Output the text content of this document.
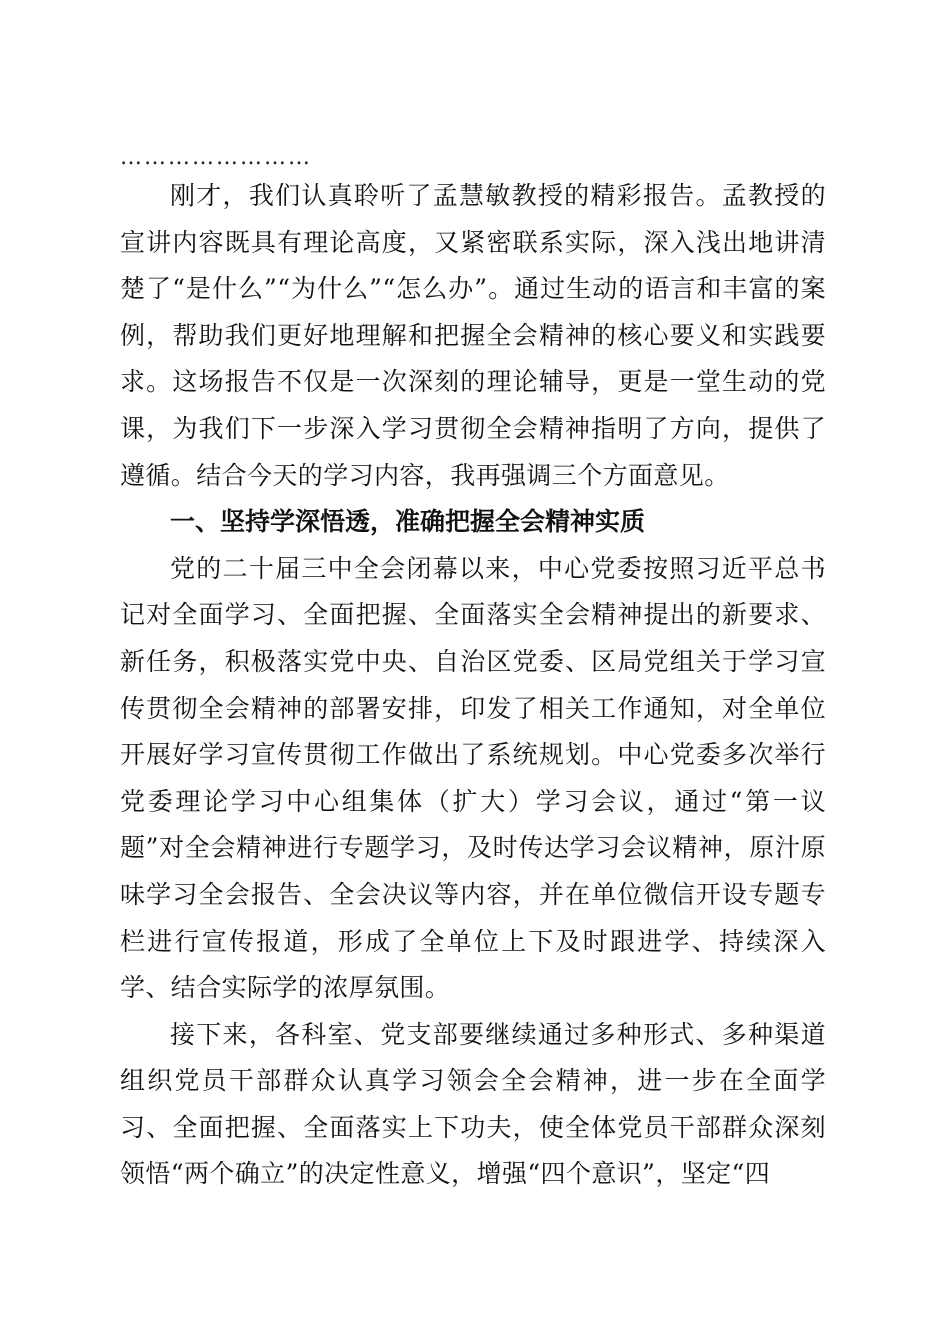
……………………

刚才，我们认真聆听了孟慧敏教授的精彩报告。孟教授的宣讲内容既具有理论高度，又紧密联系实际，深入浅出地讲清楚了“是什么”“为什么”“怎么办”。通过生动的语言和丰富的案例，帮助我们更好地理解和把握全会精神的核心要义和实践要求。这场报告不仅是一次深刻的理论辅导，更是一堂生动的党课，为我们下一步深入学习贯彻全会精神指明了方向，提供了遵循。结合今天的学习内容，我再强调三个方面意见。

一、坚持学深悟透，准确把握全会精神实质

党的二十届三中全会闭幕以来，中心党委按照习近平总书记对全面学习、全面把握、全面落实全会精神提出的新要求、新任务，积极落实党中央、自治区党委、区局党组关于学习宣传贯彻全会精神的部署安排，印发了相关工作通知，对全单位开展好学习宣传贯彻工作做出了系统规划。中心党委多次举行党委理论学习中心组集体（扩大）学习会议，通过“第一议题”对全会精神进行专题学习，及时传达学习会议精神，原汁原味学习全会报告、全会决议等内容，并在单位微信开设专题专栏进行宣传报道，形成了全单位上下及时跟进学、持续深入学、结合实际学的浓厚氛围。

接下来，各科室、党支部要继续通过多种形式、多种渠道组织党员干部群众认真学习领会全会精神，进一步在全面学习、全面把握、全面落实上下功夫，使全体党员干部群众深刻领悟“两个确立”的决定性意义，增强“四个意识”，坚定“四
